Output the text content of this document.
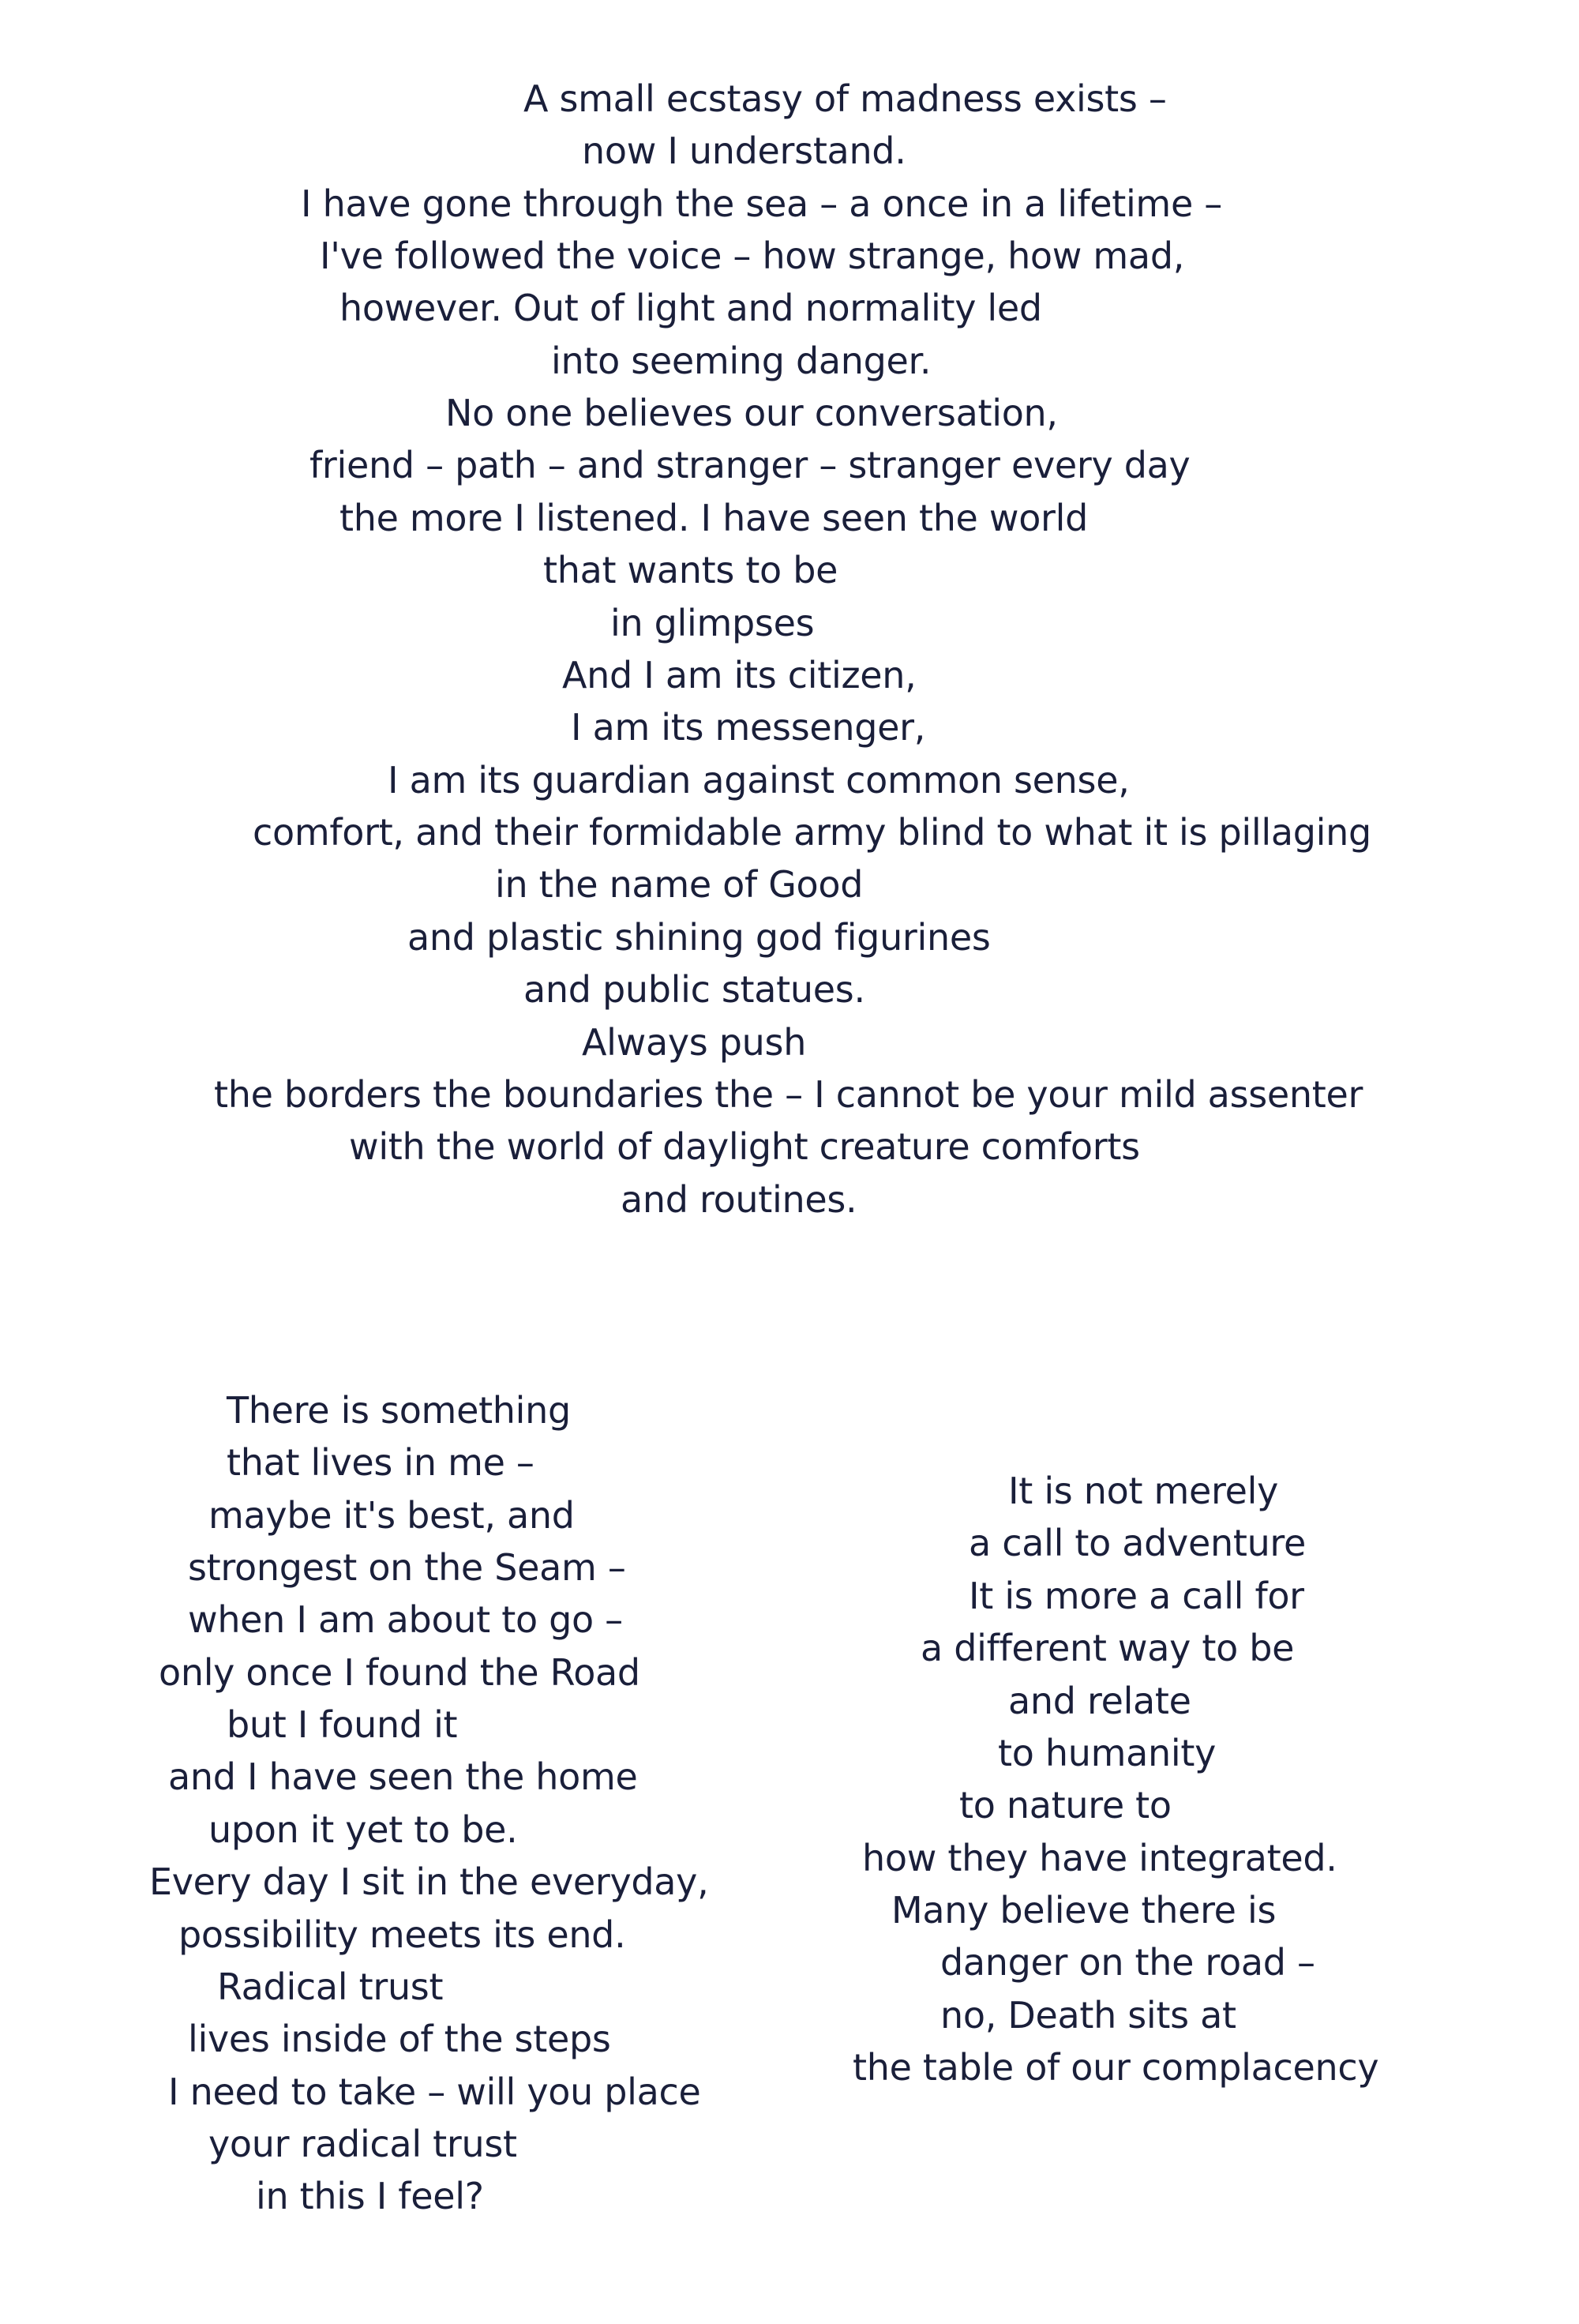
A small ecstasy of madness exists –
now I understand.
I have gone through the sea – a once in a lifetime –
I've followed the voice – how strange, how mad,
however. Out of light and normality led
into seeming danger.
No one believes our conversation,
friend – path – and stranger – stranger every day
the more I listened. I have seen the world
that wants to be
in glimpses
And I am its citizen,
I am its messenger,
I am its guardian against common sense,
comfort, and their formidable army blind to what it is pillaging
in the name of Good
and plastic shining god figurines
and public statues.
Always push
the borders the boundaries the – I cannot be your mild assenter
with the world of daylight creature comforts
and routines.
There is something
that lives in me –
maybe it's best, and
strongest on the Seam –
when I am about to go –
only once I found the Road
but I found it
and I have seen the home
upon it yet to be.
Every day I sit in the everyday,
possibility meets its end.
Radical trust
lives inside of the steps
I need to take – will you place
your radical trust
in this I feel?
It is not merely
a call to adventure
It is more a call for
a different way to be
and relate
to humanity
to nature to
how they have integrated.
Many believe there is
danger on the road –
no, Death sits at
the table of our complacency
